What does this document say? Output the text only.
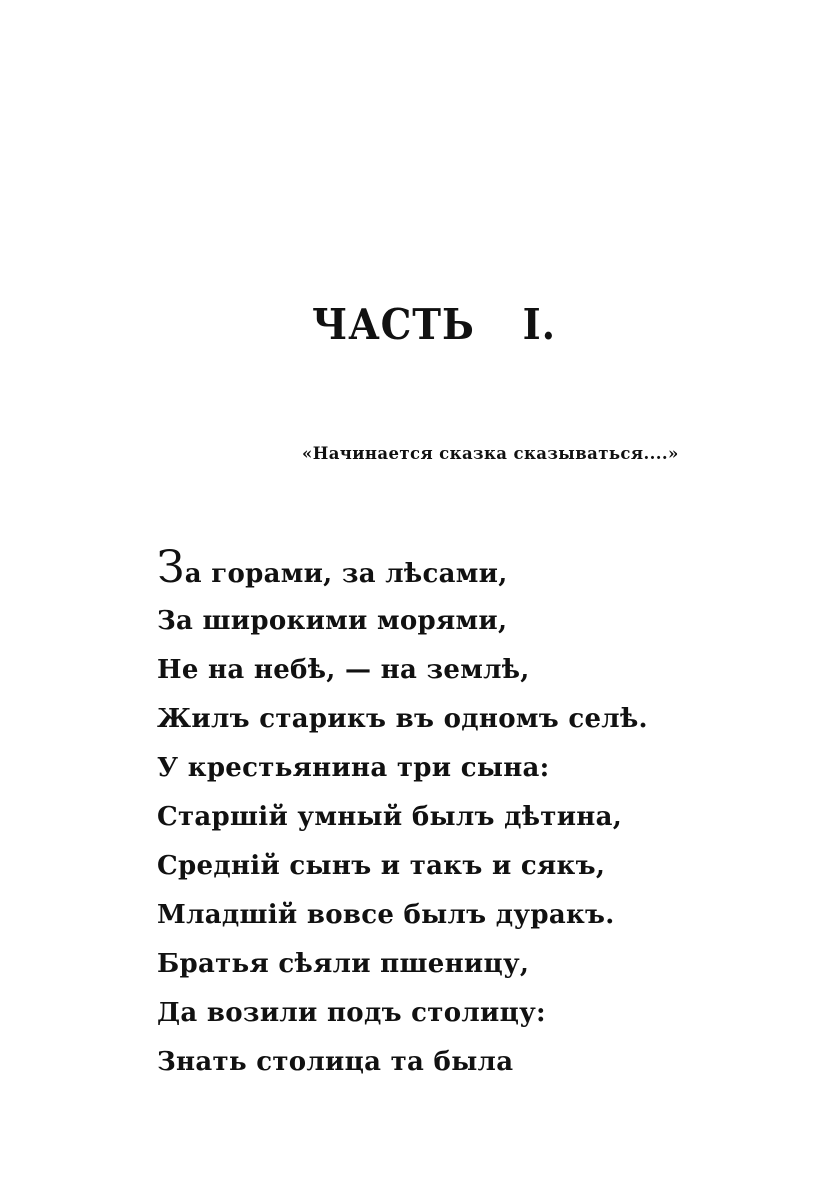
ЧАСТЬ I.
«Начинается сказка сказываться....»
За горами, за лѣсами,
За широкими морями,
Не на небѣ, — на землѣ,
Жилъ старикъ въ одномъ селѣ.
У крестьянина три сына:
Старшій умный былъ дѣтина,
Средній сынъ и такъ и сякъ,
Младшій вовсе былъ дуракъ.
Братья сѣяли пшеницу,
Да возили подъ столицу:
Знать столица та была
